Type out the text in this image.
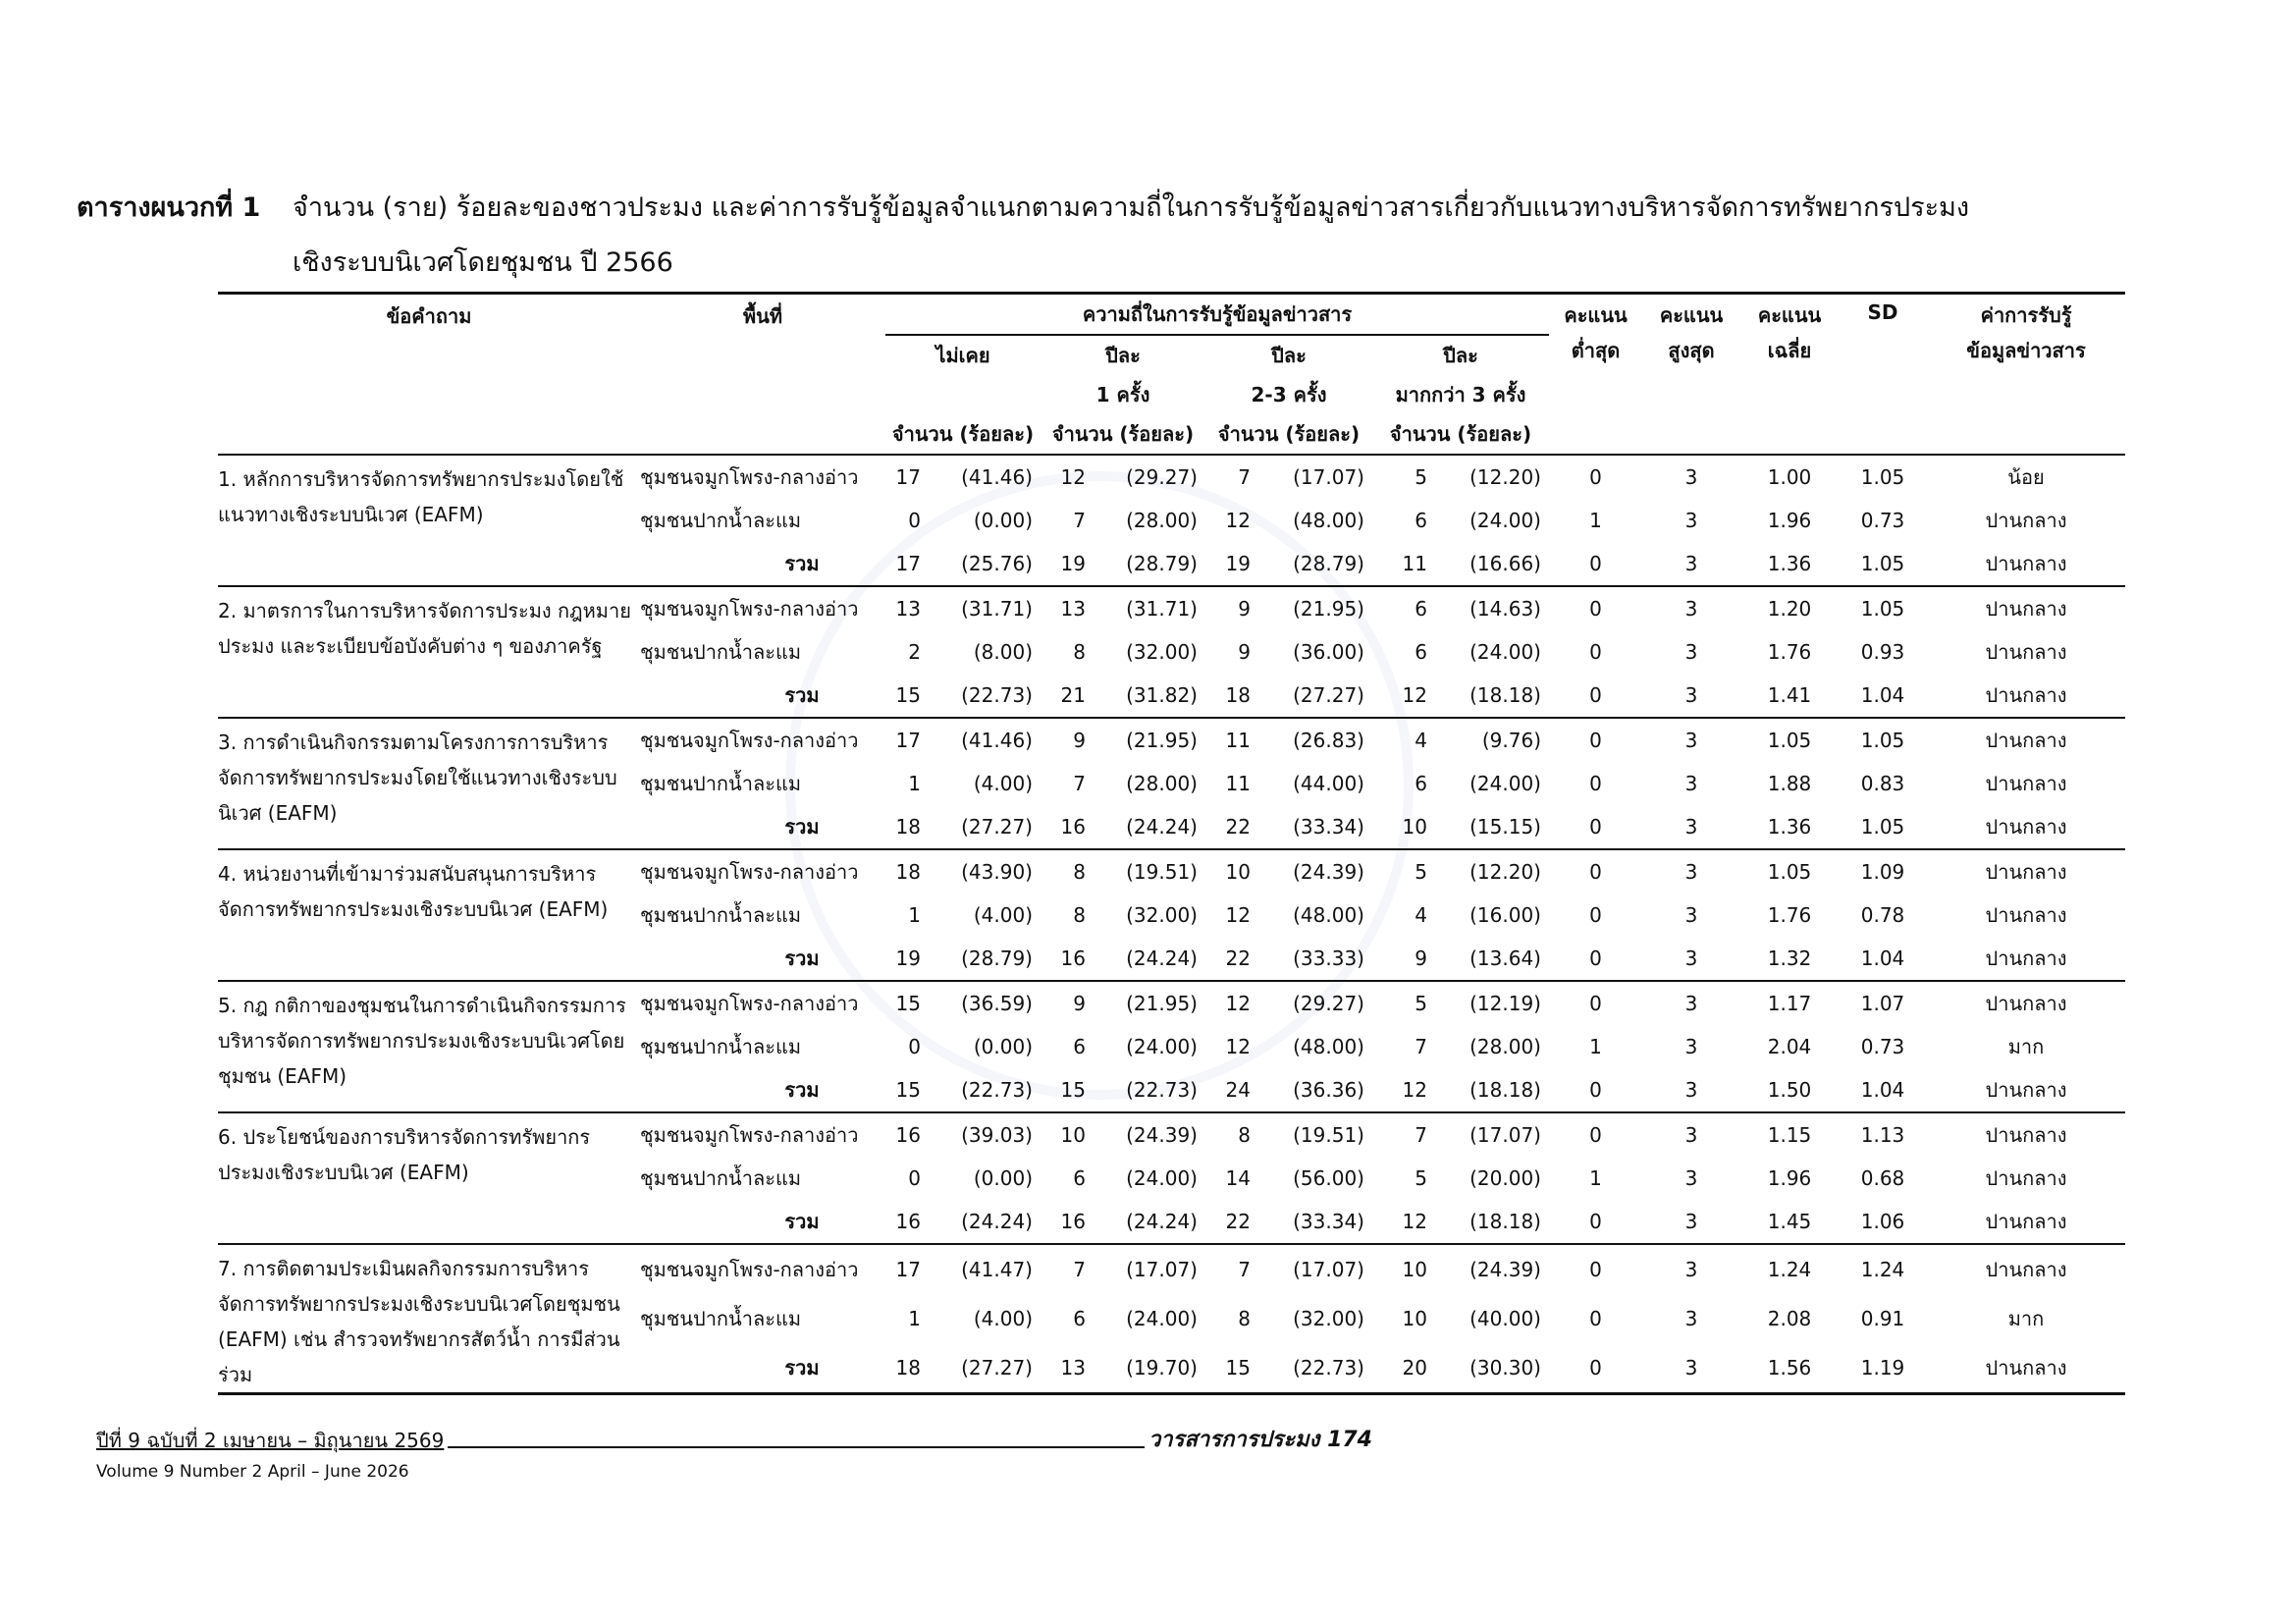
ตารางผนวกที่ 1 จำนวน (ราย) ร้อยละของชาวประมง และค่าการรับรู้ข้อมูลจำแนกตามความถี่ในการรับรู้ข้อมูลข่าวสารเกี่ยวกับแนวทางบริหารจัดการทรัพยากรประมง
เชิงระบบนิเวศโดยชุมชน ปี 2566
ข้อคำถาม	พื้นที่	ความถี่ในการรับรู้ข้อมูลข่าวสาร								คะแนน	คะแนน	คะแนน	SD	ค่าการรับรู้
		ไม่เคย		ปีละ		ปีละ		ปีละ		ต่ำสุด	สูงสุด	เฉลี่ย		ข้อมูลข่าวสาร
				1 ครั้ง		2-3 ครั้ง		มากกว่า 3 ครั้ง						
		จำนวน (ร้อยละ)		จำนวน (ร้อยละ)		จำนวน (ร้อยละ)		จำนวน (ร้อยละ)						
1. หลักการบริหารจัดการทรัพยากรประมงโดยใช้แนวทางเชิงระบบนิเวศ (EAFM)	ชุมชนจมูกโพรง-กลางอ่าว	17	(41.46)	12	(29.27)	7	(17.07)	5	(12.20)	0	3	1.00	1.05	น้อย
	ชุมชนปากน้ำละแม	0	(0.00)	7	(28.00)	12	(48.00)	6	(24.00)	1	3	1.96	0.73	ปานกลาง
	รวม	17	(25.76)	19	(28.79)	19	(28.79)	11	(16.66)	0	3	1.36	1.05	ปานกลาง
2. มาตรการในการบริหารจัดการประมง กฎหมายประมง และระเบียบข้อบังคับต่าง ๆ ของภาครัฐ	ชุมชนจมูกโพรง-กลางอ่าว	13	(31.71)	13	(31.71)	9	(21.95)	6	(14.63)	0	3	1.20	1.05	ปานกลาง
	ชุมชนปากน้ำละแม	2	(8.00)	8	(32.00)	9	(36.00)	6	(24.00)	0	3	1.76	0.93	ปานกลาง
	รวม	15	(22.73)	21	(31.82)	18	(27.27)	12	(18.18)	0	3	1.41	1.04	ปานกลาง
3. การดำเนินกิจกรรมตามโครงการการบริหารจัดการทรัพยากรประมงโดยใช้แนวทางเชิงระบบนิเวศ (EAFM)	ชุมชนจมูกโพรง-กลางอ่าว	17	(41.46)	9	(21.95)	11	(26.83)	4	(9.76)	0	3	1.05	1.05	ปานกลาง
	ชุมชนปากน้ำละแม	1	(4.00)	7	(28.00)	11	(44.00)	6	(24.00)	0	3	1.88	0.83	ปานกลาง
	รวม	18	(27.27)	16	(24.24)	22	(33.34)	10	(15.15)	0	3	1.36	1.05	ปานกลาง
4. หน่วยงานที่เข้ามาร่วมสนับสนุนการบริหารจัดการทรัพยากรประมงเชิงระบบนิเวศ (EAFM)	ชุมชนจมูกโพรง-กลางอ่าว	18	(43.90)	8	(19.51)	10	(24.39)	5	(12.20)	0	3	1.05	1.09	ปานกลาง
	ชุมชนปากน้ำละแม	1	(4.00)	8	(32.00)	12	(48.00)	4	(16.00)	0	3	1.76	0.78	ปานกลาง
	รวม	19	(28.79)	16	(24.24)	22	(33.33)	9	(13.64)	0	3	1.32	1.04	ปานกลาง
5. กฎ กติกาของชุมชนในการดำเนินกิจกรรมการบริหารจัดการทรัพยากรประมงเชิงระบบนิเวศโดยชุมชน (EAFM)	ชุมชนจมูกโพรง-กลางอ่าว	15	(36.59)	9	(21.95)	12	(29.27)	5	(12.19)	0	3	1.17	1.07	ปานกลาง
	ชุมชนปากน้ำละแม	0	(0.00)	6	(24.00)	12	(48.00)	7	(28.00)	1	3	2.04	0.73	มาก
	รวม	15	(22.73)	15	(22.73)	24	(36.36)	12	(18.18)	0	3	1.50	1.04	ปานกลาง
6. ประโยชน์ของการบริหารจัดการทรัพยากรประมงเชิงระบบนิเวศ (EAFM)	ชุมชนจมูกโพรง-กลางอ่าว	16	(39.03)	10	(24.39)	8	(19.51)	7	(17.07)	0	3	1.15	1.13	ปานกลาง
	ชุมชนปากน้ำละแม	0	(0.00)	6	(24.00)	14	(56.00)	5	(20.00)	1	3	1.96	0.68	ปานกลาง
	รวม	16	(24.24)	16	(24.24)	22	(33.34)	12	(18.18)	0	3	1.45	1.06	ปานกลาง
7. การติดตามประเมินผลกิจกรรมการบริหารจัดการทรัพยากรประมงเชิงระบบนิเวศโดยชุมชน (EAFM) เช่น สำรวจทรัพยากรสัตว์น้ำ การมีส่วนร่วม	ชุมชนจมูกโพรง-กลางอ่าว	17	(41.47)	7	(17.07)	7	(17.07)	10	(24.39)	0	3	1.24	1.24	ปานกลาง
	ชุมชนปากน้ำละแม	1	(4.00)	6	(24.00)	8	(32.00)	10	(40.00)	0	3	2.08	0.91	มาก
	รวม	18	(27.27)	13	(19.70)	15	(22.73)	20	(30.30)	0	3	1.56	1.19	ปานกลาง
ปีที่ 9 ฉบับที่ 2 เมษายน – มิถุนายน 2569	วารสารการประมง 174
Volume 9 Number 2 April – June 2026
